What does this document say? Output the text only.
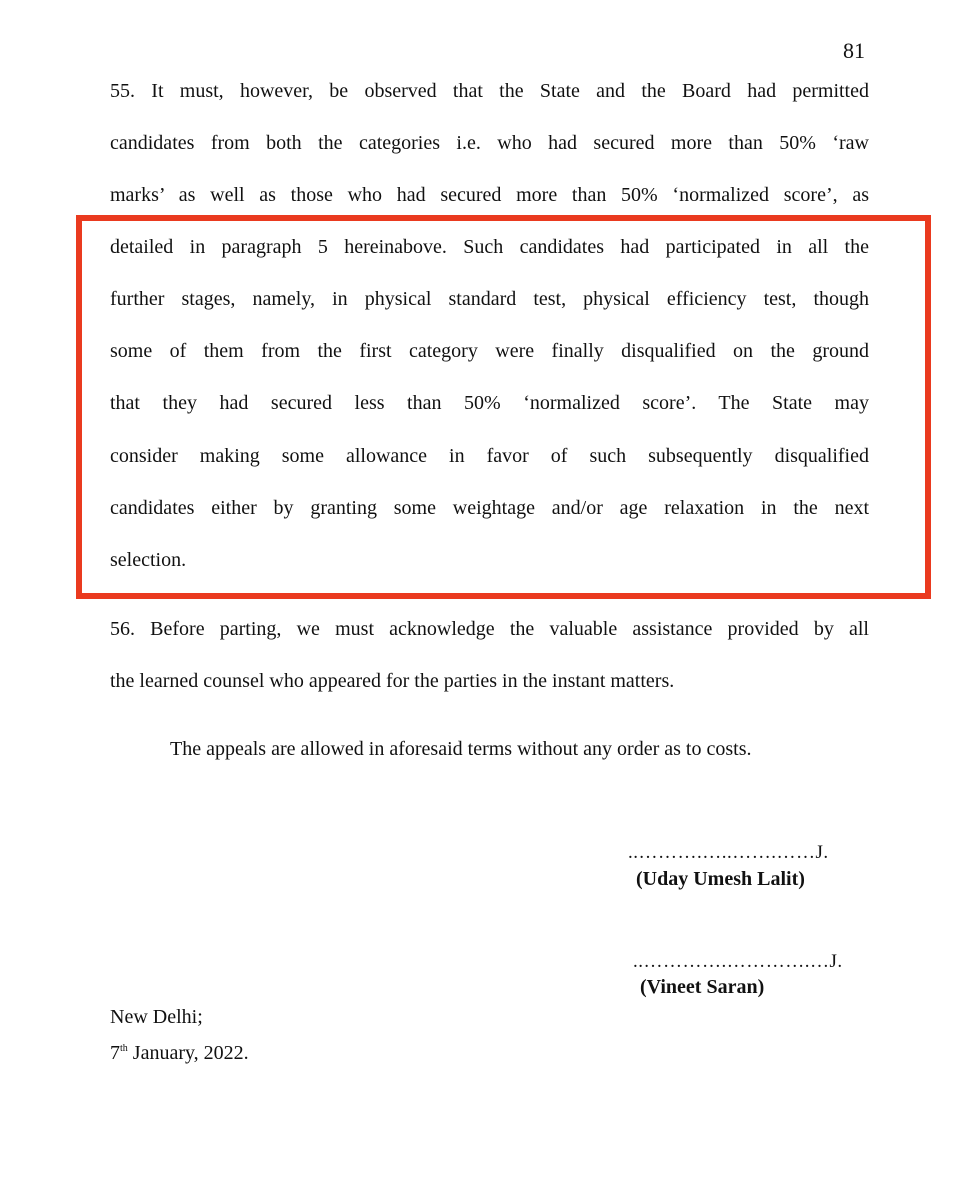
81
55. It must, however, be observed that the State and the Board had permitted
candidates from both the categories i.e. who had secured more than 50% ‘raw
marks’ as well as those who had secured more than 50% ‘normalized score’, as
detailed in paragraph 5 hereinabove. Such candidates had participated in all the
further stages, namely, in physical standard test, physical efficiency test, though
some of them from the first category were finally disqualified on the ground
that they had secured less than 50% ‘normalized score’. The State may
consider making some allowance in favor of such subsequently disqualified
candidates either by granting some weightage and/or age relaxation in the next
selection.
56. Before parting, we must acknowledge the valuable assistance provided by all
the learned counsel who appeared for the parties in the instant matters.
The appeals are allowed in aforesaid terms without any order as to costs.
..……….…..…….……J.
(Uday Umesh Lalit)
..………….………….…J.
(Vineet Saran)
New Delhi;
7th January, 2022.
